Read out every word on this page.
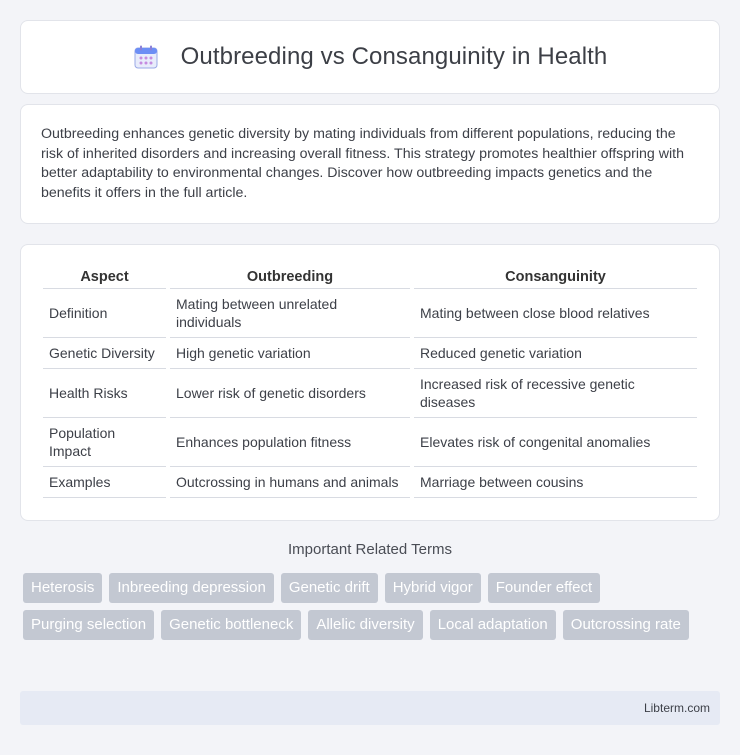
Outbreeding vs Consanguinity in Health

Outbreeding enhances genetic diversity by mating individuals from different populations, reducing the risk of inherited disorders and increasing overall fitness. This strategy promotes healthier offspring with better adaptability to environmental changes. Discover how outbreeding impacts genetics and the benefits it offers in the full article.

Aspect	Outbreeding	Consanguinity
Definition	Mating between unrelated individuals	Mating between close blood relatives
Genetic Diversity	High genetic variation	Reduced genetic variation
Health Risks	Lower risk of genetic disorders	Increased risk of recessive genetic diseases
Population Impact	Enhances population fitness	Elevates risk of congenital anomalies
Examples	Outcrossing in humans and animals	Marriage between cousins
Important Related Terms
Heterosis	Inbreeding depression	Genetic drift	Hybrid vigor	Founder effect
Purging selection	Genetic bottleneck	Allelic diversity	Local adaptation	Outcrossing rate
Libterm.com
